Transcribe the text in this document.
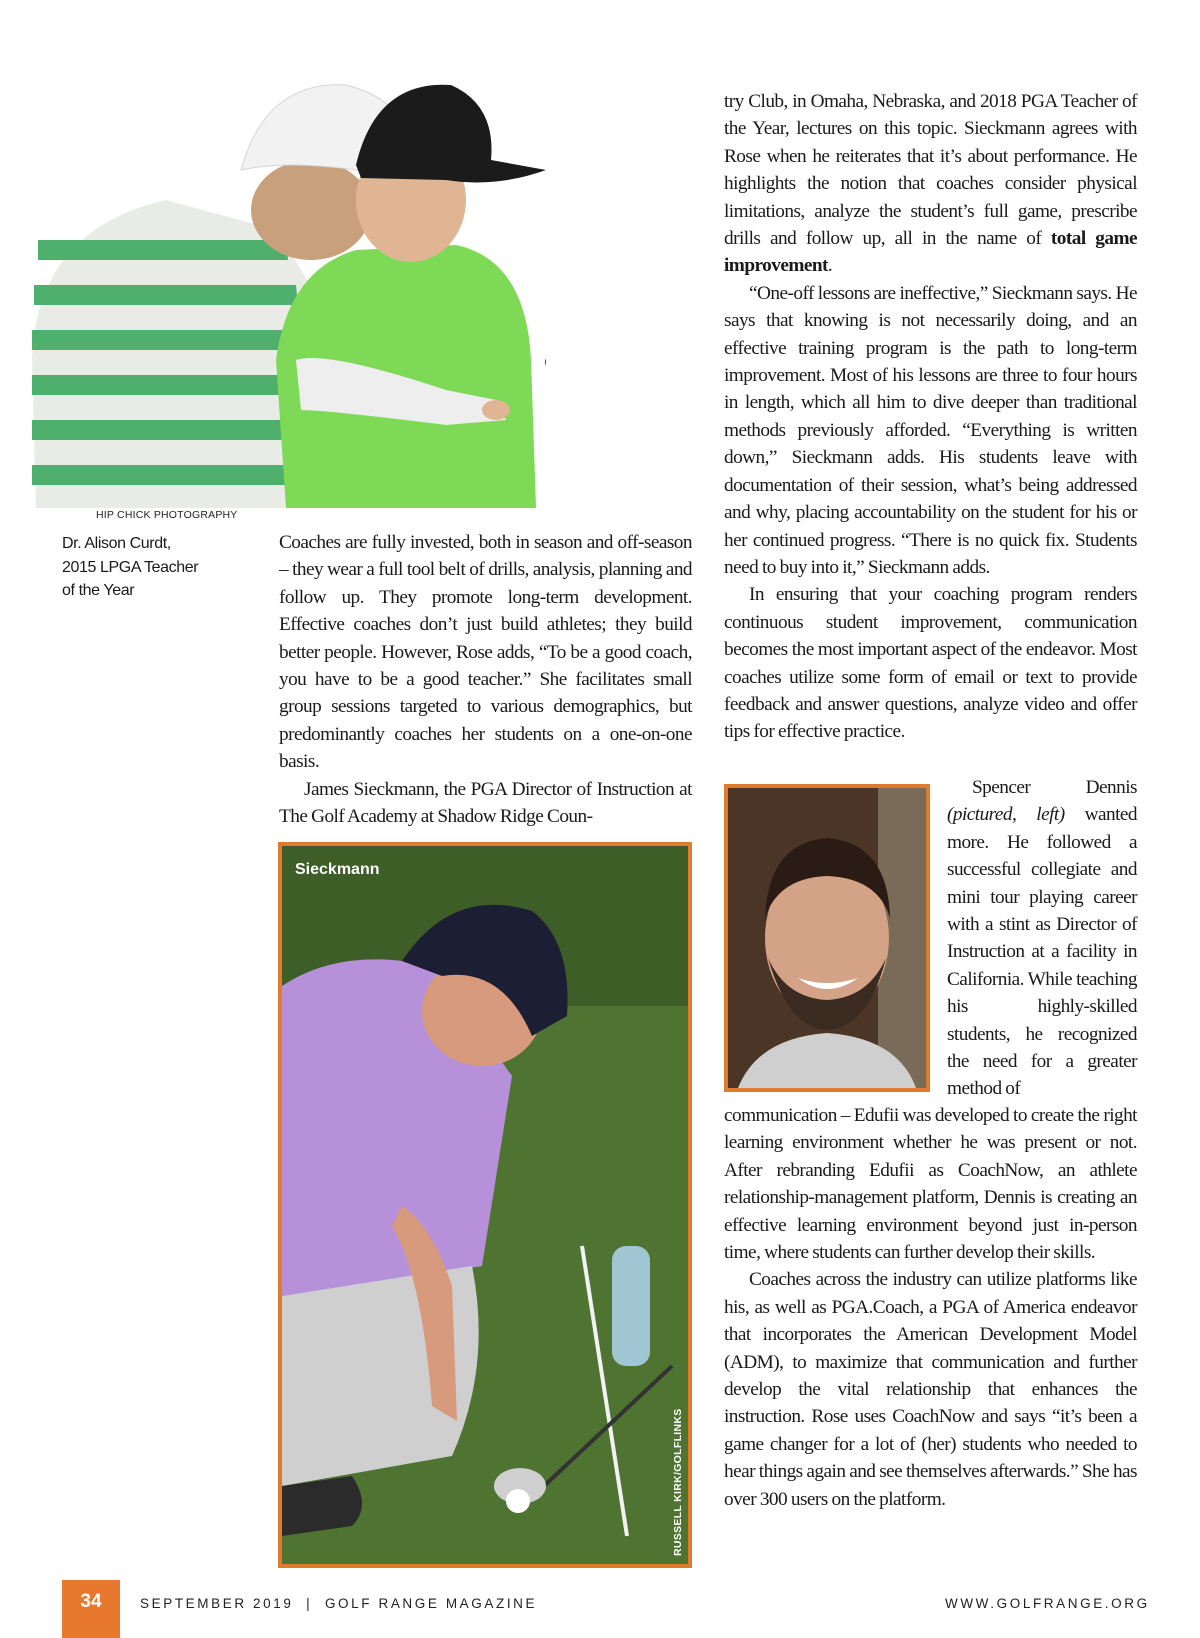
HIP CHICK PHOTOGRAPHY
Dr. Alison Curdt,
2015 LPGA Teacher
of the Year

Coaches are fully invested, both in season and off-season – they wear a full tool belt of drills, analysis, planning and follow up. They promote long-term development. Effective coaches don’t just build athletes; they build better people. However, Rose adds, “To be a good coach, you have to be a good teacher.” She facilitates small group sessions targeted to various demographics, but predominantly coaches her students on a one-on-one basis.

James Sieckmann, the PGA Director of Instruction at The Golf Academy at Shadow Ridge Coun-

Sieckmann
RUSSELL KIRK/GOLFLINKS

try Club, in Omaha, Nebraska, and 2018 PGA Teacher of the Year, lectures on this topic. Sieckmann agrees with Rose when he reiterates that it’s about performance. He highlights the notion that coaches consider physical limitations, analyze the student’s full game, prescribe drills and follow up, all in the name of total game improvement.

“One-off lessons are ineffective,” Sieckmann says. He says that knowing is not necessarily doing, and an effective training program is the path to long-term improvement. Most of his lessons are three to four hours in length, which all him to dive deeper than traditional methods previously afforded. “Everything is written down,” Sieckmann adds. His students leave with documentation of their session, what’s being addressed and why, placing accountability on the student for his or her continued progress. “There is no quick fix. Students need to buy into it,” Sieckmann adds.

In ensuring that your coaching program renders continuous student improvement, communication becomes the most important aspect of the endeavor. Most coaches utilize some form of email or text to provide feedback and answer questions, analyze video and offer tips for effective practice.

Spencer Dennis (pictured, left) wanted more. He followed a successful collegiate and mini tour playing career with a stint as Director of Instruction at a facility in California. While teaching his highly-skilled students, he recognized the need for a greater method of

communication – Edufii was developed to create the right learning environment whether he was present or not. After rebranding Edufii as CoachNow, an athlete relationship-management platform, Dennis is creating an effective learning environment beyond just in-person time, where students can further develop their skills.

Coaches across the industry can utilize platforms like his, as well as PGA.Coach, a PGA of America endeavor that incorporates the American Development Model (ADM), to maximize that communication and further develop the vital relationship that enhances the instruction. Rose uses CoachNow and says “it’s been a game changer for a lot of (her) students who needed to hear things again and see themselves afterwards.” She has over 300 users on the platform.

34	SEPTEMBER 2019  |  GOLF RANGE MAGAZINE	WWW.GOLFRANGE.ORG
